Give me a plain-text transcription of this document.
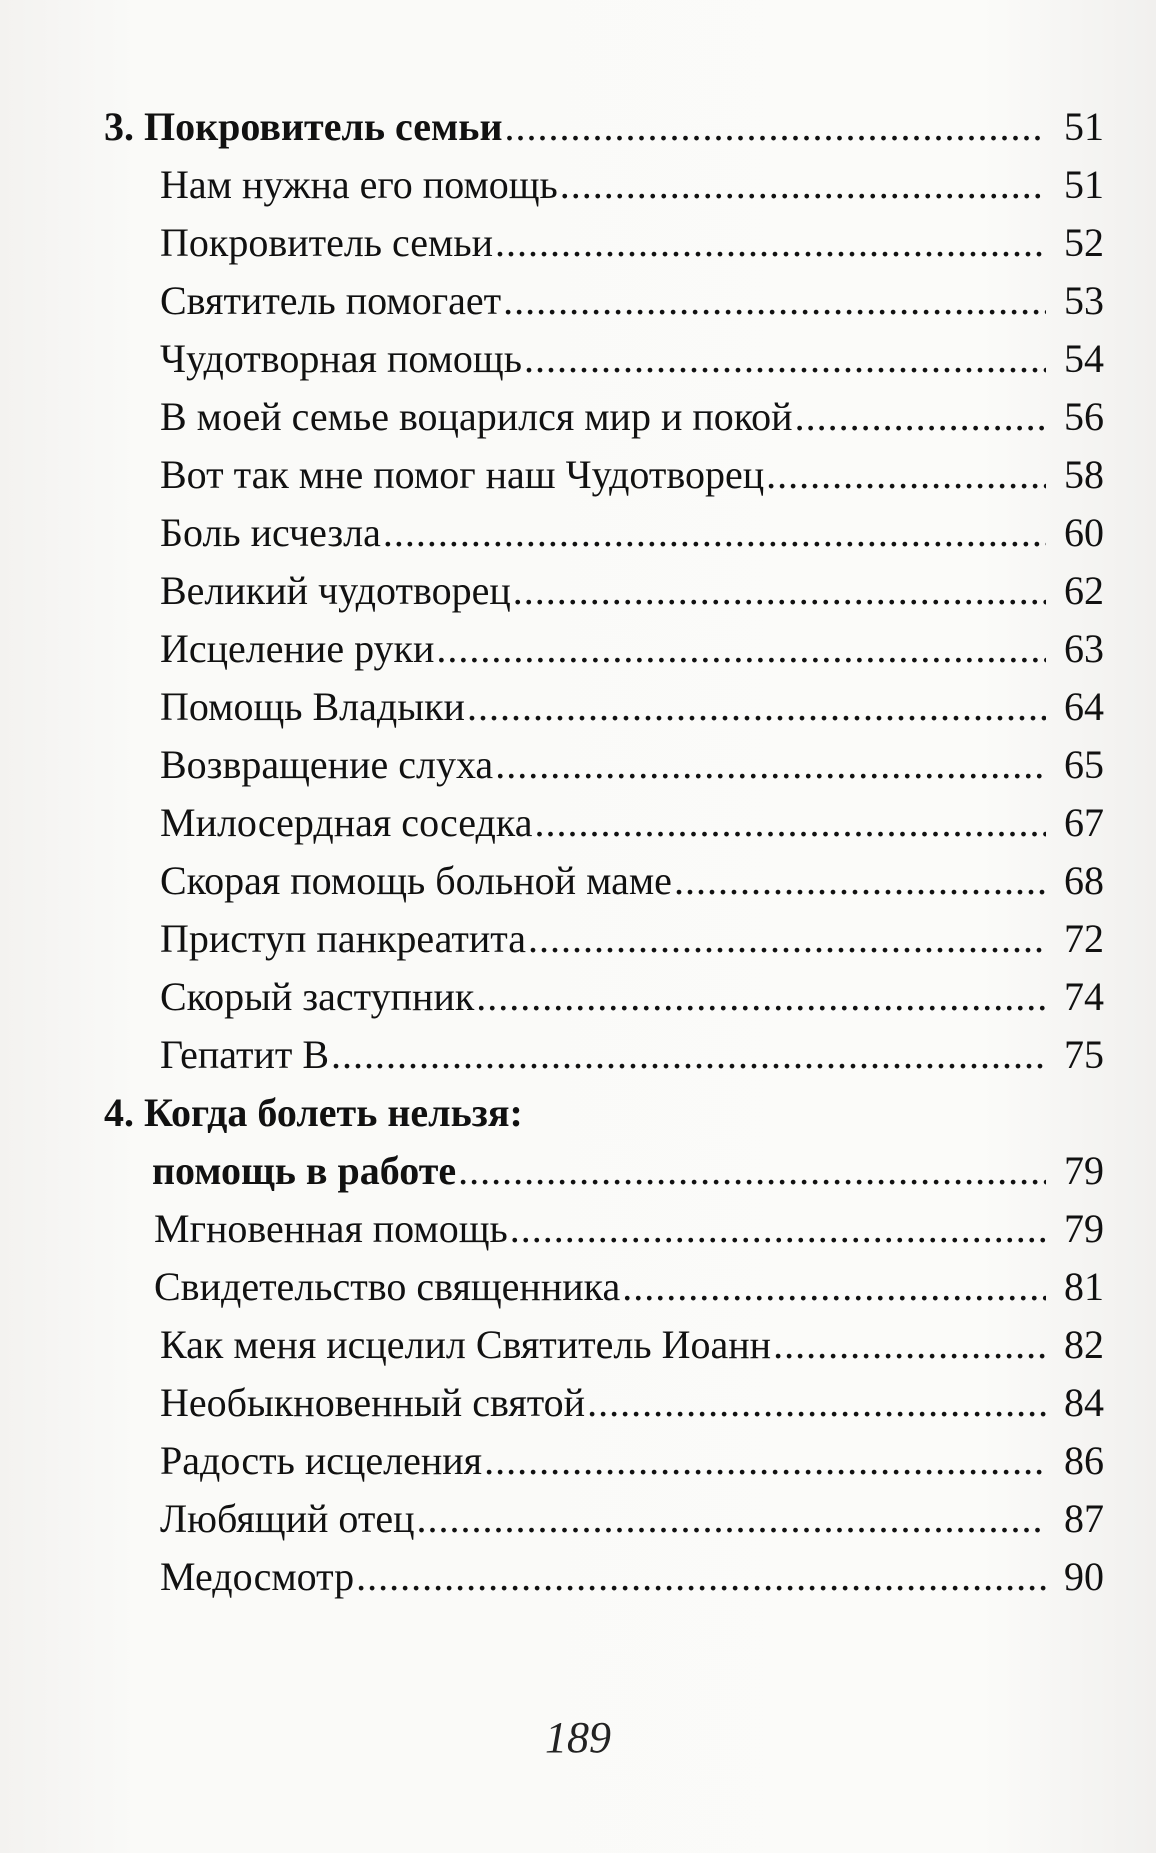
3. Покровитель семьи .....	51
Нам нужна его помощь .....	51
Покровитель семьи .....	52
Святитель помогает .....	53
Чудотворная помощь .....	54
В моей семье воцарился мир и покой .....	56
Вот так мне помог наш Чудотворец .....	58
Боль исчезла .....	60
Великий чудотворец .....	62
Исцеление руки .....	63
Помощь Владыки .....	64
Возвращение слуха .....	65
Милосердная соседка .....	67
Скорая помощь больной маме .....	68
Приступ панкреатита .....	72
Скорый заступник .....	74
Гепатит В .....	75
4. Когда болеть нельзя:
помощь в работе .....	79
Мгновенная помощь .....	79
Свидетельство священника .....	81
Как меня исцелил Святитель Иоанн .....	82
Необыкновенный святой .....	84
Радость исцеления .....	86
Любящий отец .....	87
Медосмотр .....	90
189
